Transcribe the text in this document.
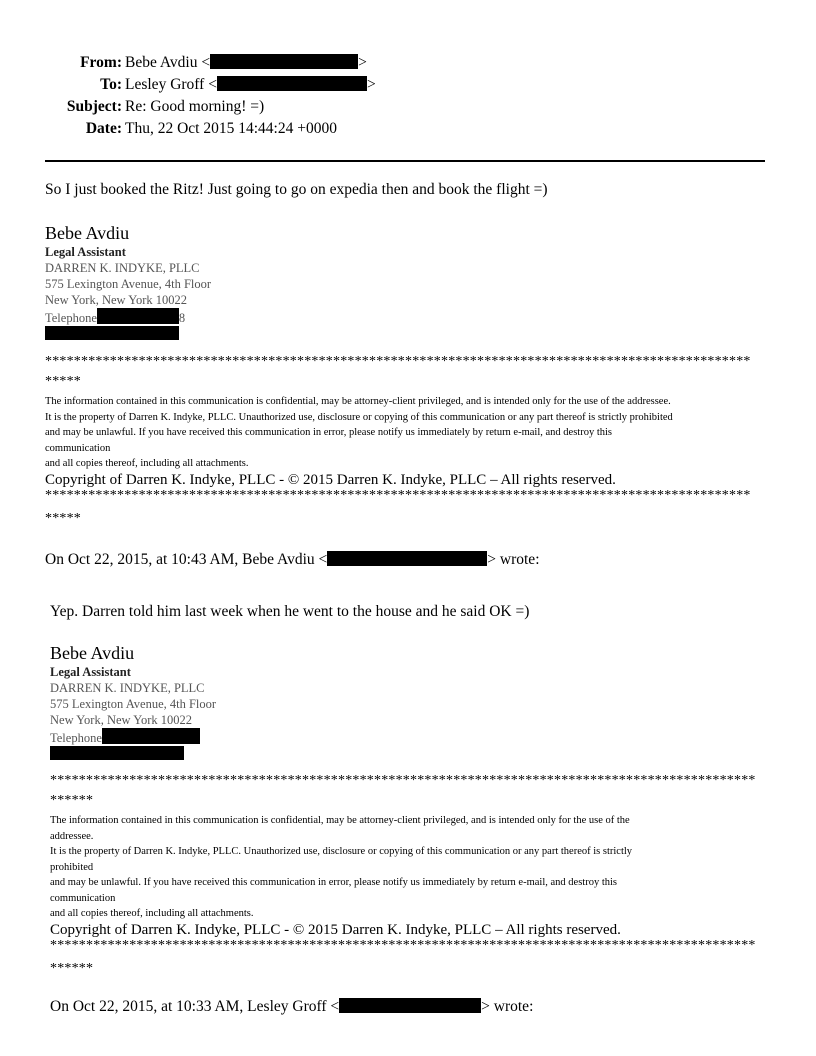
From: Bebe Avdiu <	>
To: Lesley Groff <	>
Subject: Re: Good morning! =)
Date: Thu, 22 Oct 2015 14:44:24 +0000
So I just booked the Ritz! Just going to go on expedia then and book the flight =)
Bebe Avdiu
Legal Assistant
DARREN K. INDYKE, PLLC
575 Lexington Avenue, 4th Floor
New York, New York 10022
Telephone	8
**************************************************************************************************
*****
The information contained in this communication is confidential, may be attorney-client privileged, and is intended only for the use of the addressee.
It is the property of Darren K. Indyke, PLLC. Unauthorized use, disclosure or copying of this communication or any part thereof is strictly prohibited
and may be unlawful. If you have received this communication in error, please notify us immediately by return e-mail, and destroy this
communication
and all copies thereof, including all attachments.
Copyright of Darren K. Indyke, PLLC - © 2015 Darren K. Indyke, PLLC – All rights reserved.
**************************************************************************************************
*****
On Oct 22, 2015, at 10:43 AM, Bebe Avdiu <	> wrote:
Yep. Darren told him last week when he went to the house and he said OK =)
Bebe Avdiu
Legal Assistant
DARREN K. INDYKE, PLLC
575 Lexington Avenue, 4th Floor
New York, New York 10022
Telephone
**************************************************************************************************
******
The information contained in this communication is confidential, may be attorney-client privileged, and is intended only for the use of the
addressee.
It is the property of Darren K. Indyke, PLLC. Unauthorized use, disclosure or copying of this communication or any part thereof is strictly
prohibited
and may be unlawful. If you have received this communication in error, please notify us immediately by return e-mail, and destroy this
communication
and all copies thereof, including all attachments.
Copyright of Darren K. Indyke, PLLC - © 2015 Darren K. Indyke, PLLC – All rights reserved.
**************************************************************************************************
******
On Oct 22, 2015, at 10:33 AM, Lesley Groff <	> wrote:
